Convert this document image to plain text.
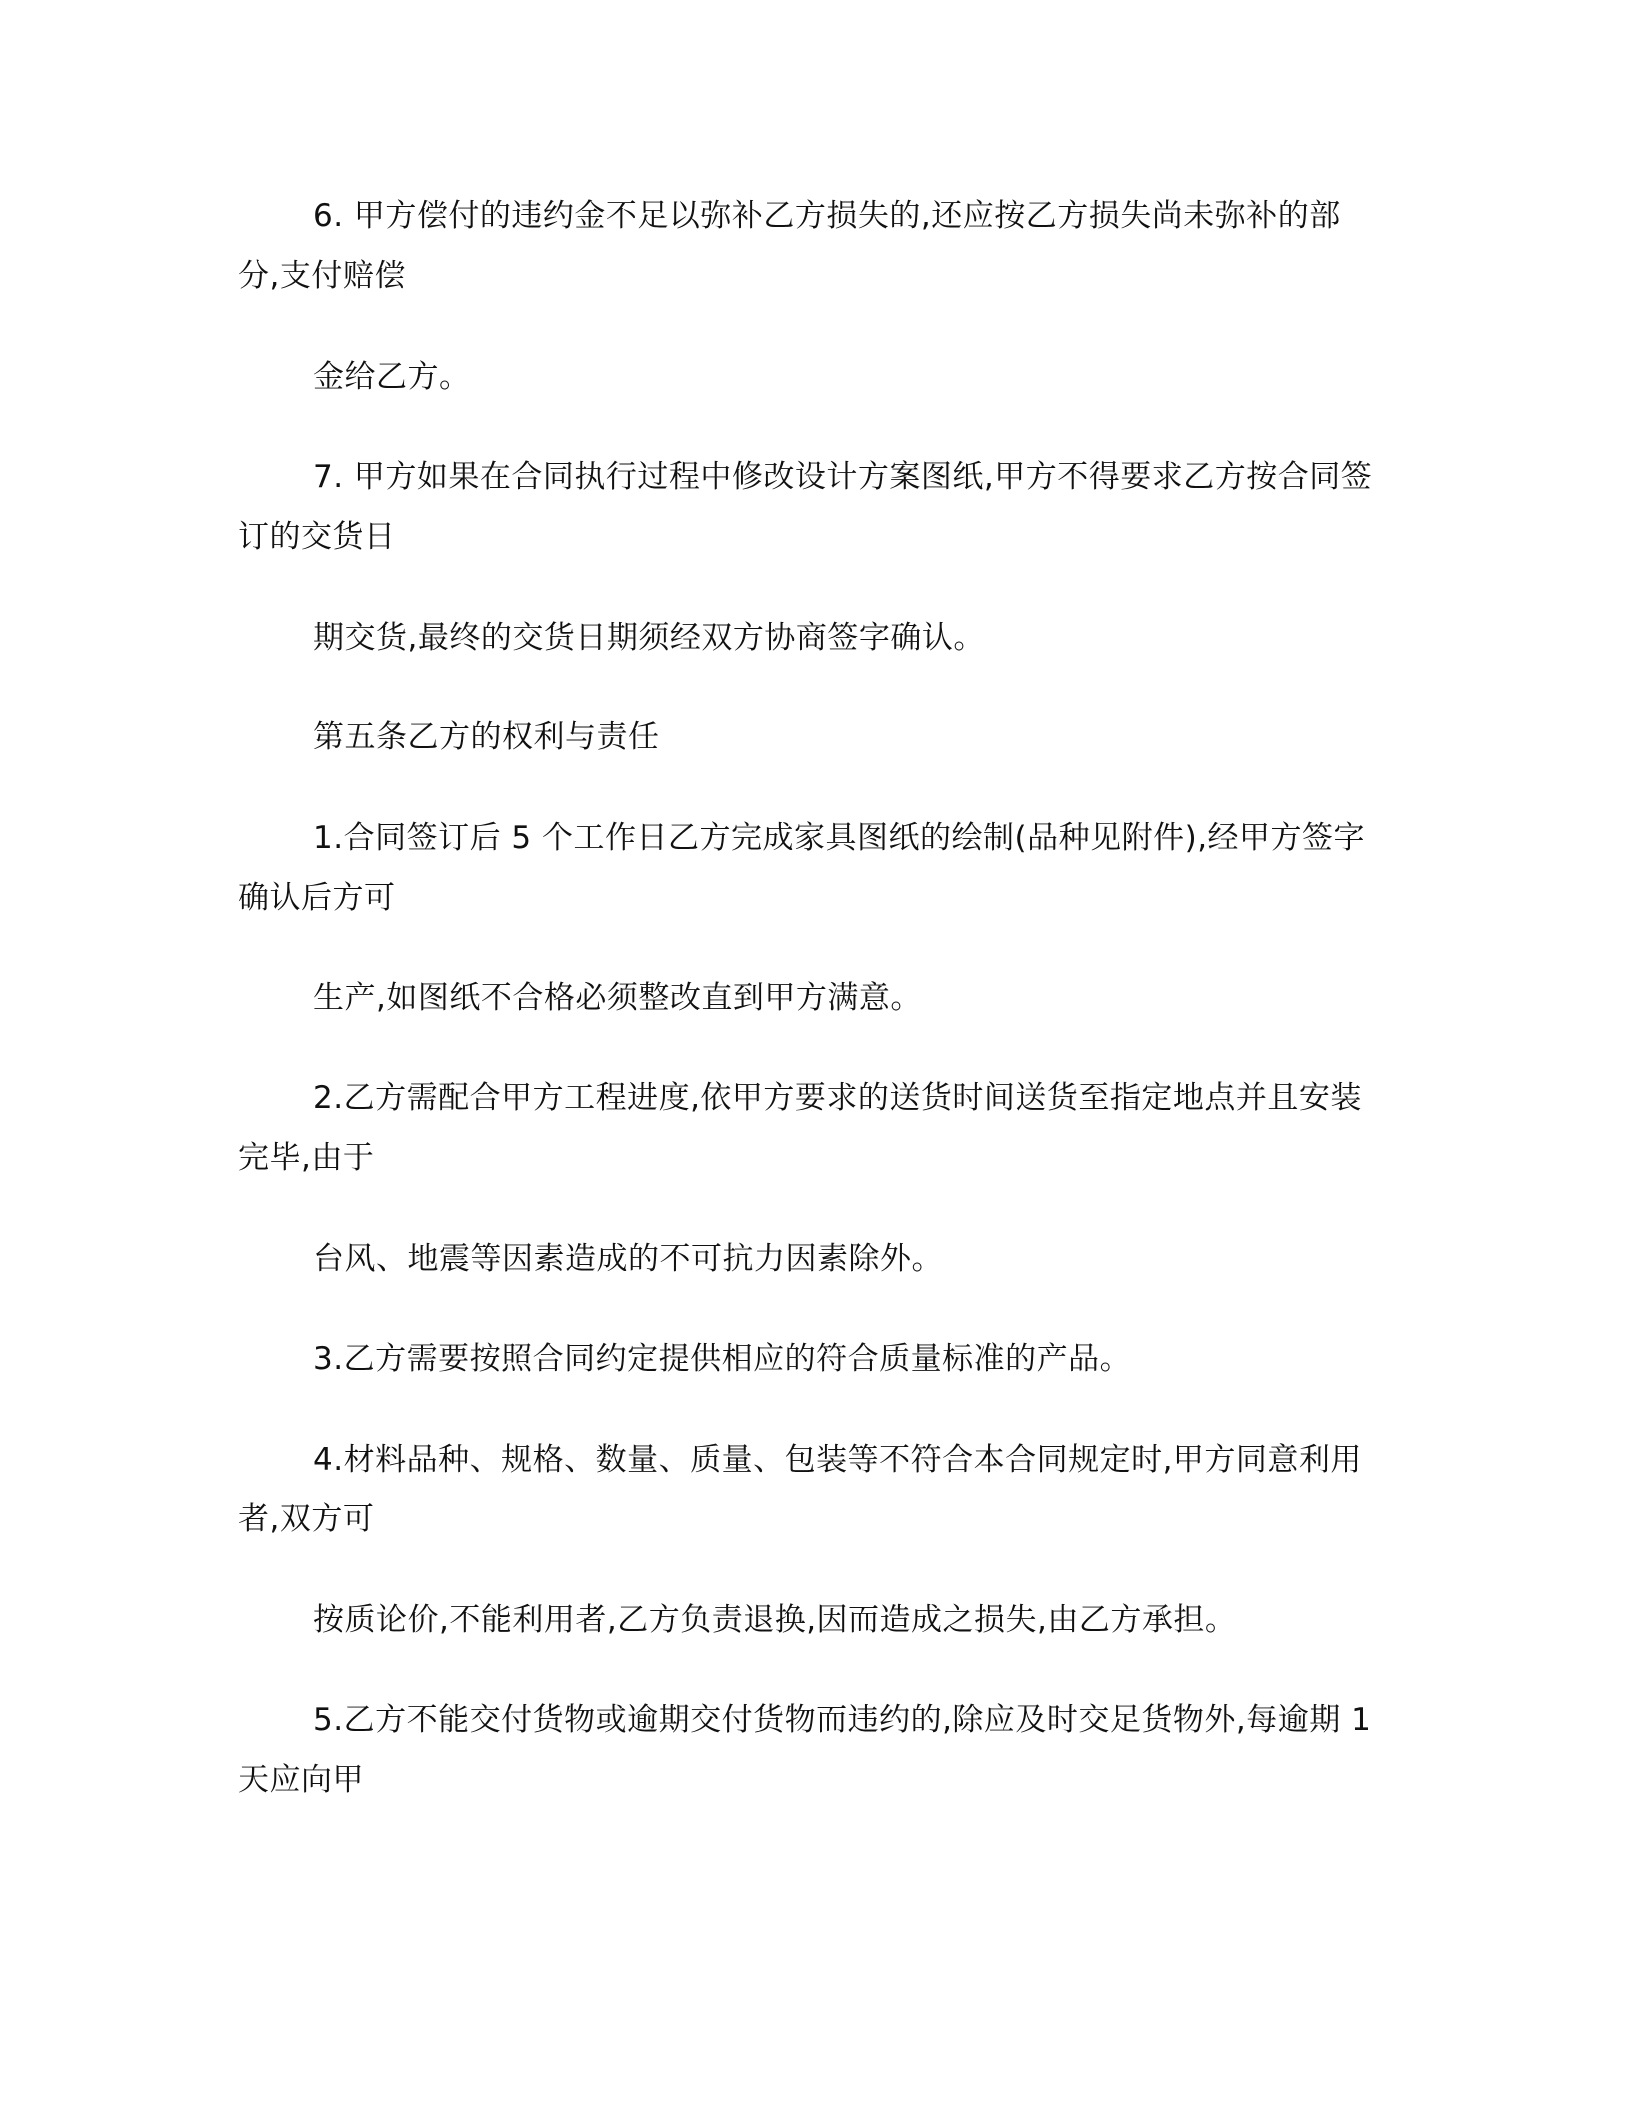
6. 甲方偿付的违约金不足以弥补乙方损失的,还应按乙方损失尚未弥补的部
分,支付赔偿
金给乙方。
7. 甲方如果在合同执行过程中修改设计方案图纸,甲方不得要求乙方按合同签
订的交货日
期交货,最终的交货日期须经双方协商签字确认。
第五条乙方的权利与责任
1.合同签订后 5 个工作日乙方完成家具图纸的绘制(品种见附件),经甲方签字
确认后方可
生产,如图纸不合格必须整改直到甲方满意。
2.乙方需配合甲方工程进度,依甲方要求的送货时间送货至指定地点并且安装
完毕,由于
台风、地震等因素造成的不可抗力因素除外。
3.乙方需要按照合同约定提供相应的符合质量标准的产品。
4.材料品种、规格、数量、质量、包装等不符合本合同规定时,甲方同意利用
者,双方可
按质论价,不能利用者,乙方负责退换,因而造成之损失,由乙方承担。
5.乙方不能交付货物或逾期交付货物而违约的,除应及时交足货物外,每逾期 1
天应向甲
